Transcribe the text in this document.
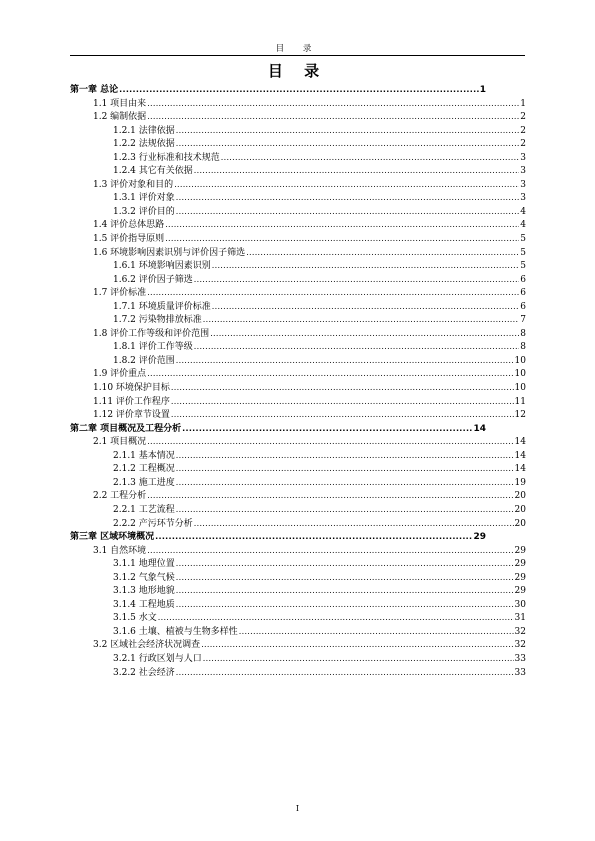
目 录
目 录
第一章 总论 .....	1
1.1 项目由来 .....	1
1.2 编制依据 .....	2
1.2.1 法律依据 .....	2
1.2.2 法规依据 .....	2
1.2.3 行业标准和技术规范 .....	3
1.2.4 其它有关依据 .....	3
1.3 评价对象和目的 .....	3
1.3.1 评价对象 .....	3
1.3.2 评价目的 .....	4
1.4 评价总体思路 .....	4
1.5 评价指导原则 .....	5
1.6 环境影响因素识别与评价因子筛选 .....	5
1.6.1 环境影响因素识别 .....	5
1.6.2 评价因子筛选 .....	6
1.7 评价标准 .....	6
1.7.1 环境质量评价标准 .....	6
1.7.2 污染物排放标准 .....	7
1.8 评价工作等级和评价范围 .....	8
1.8.1 评价工作等级 .....	8
1.8.2 评价范围 .....	10
1.9 评价重点 .....	10
1.10 环境保护目标 .....	10
1.11 评价工作程序 .....	11
1.12 评价章节设置 .....	12
第二章 项目概况及工程分析 .....	14
2.1 项目概况 .....	14
2.1.1 基本情况 .....	14
2.1.2 工程概况 .....	14
2.1.3 施工进度 .....	19
2.2 工程分析 .....	20
2.2.1 工艺流程 .....	20
2.2.2 产污环节分析 .....	20
第三章 区域环境概况 .....	29
3.1 自然环境 .....	29
3.1.1 地理位置 .....	29
3.1.2 气象气候 .....	29
3.1.3 地形地貌 .....	29
3.1.4 工程地质 .....	30
3.1.5 水文 .....	31
3.1.6 土壤、植被与生物多样性 .....	32
3.2 区域社会经济状况调查 .....	32
3.2.1 行政区划与人口 .....	33
3.2.2 社会经济 .....	33
I
